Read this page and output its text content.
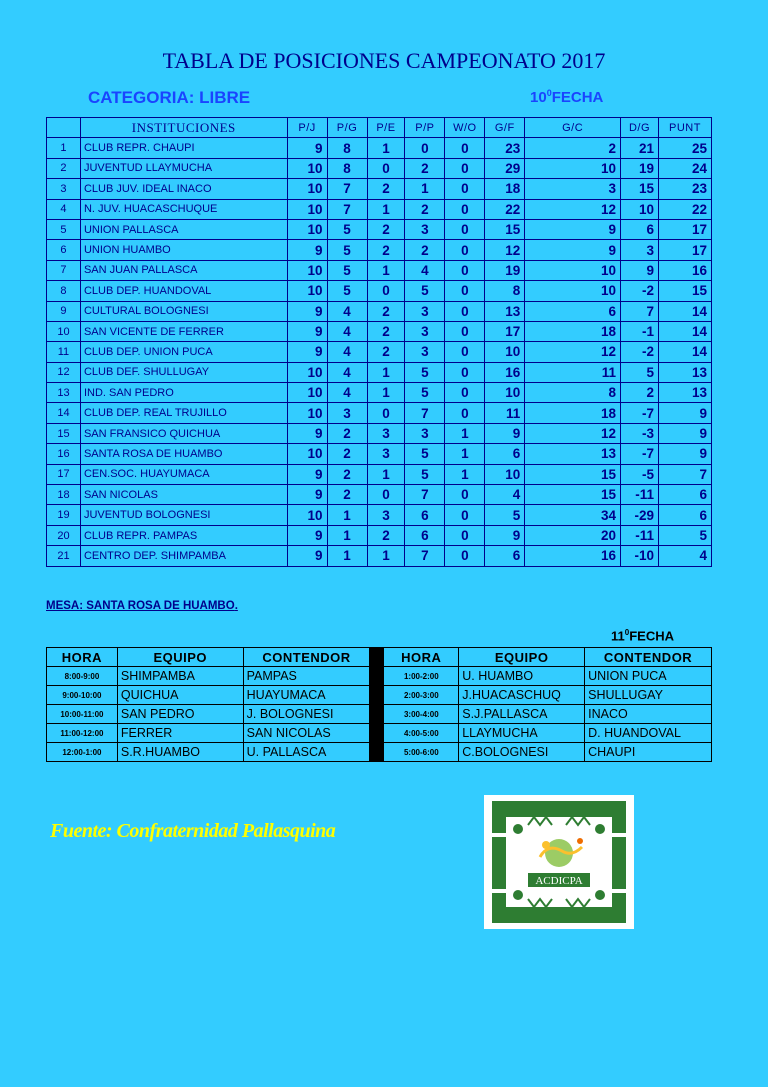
TABLA DE POSICIONES CAMPEONATO 2017
CATEGORIA: LIBRE	$10^0FECHA$
	INSTITUCIONES	P/J	P/G	P/E	P/P	W/O	G/F	G/C	D/G	PUNT
1	CLUB REPR. CHAUPI	9	8	1	0	0	23	2	21	25
2	JUVENTUD LLAYMUCHA	10	8	0	2	0	29	10	19	24
3	CLUB JUV. IDEAL INACO	10	7	2	1	0	18	3	15	23
4	N. JUV. HUACASCHUQUE	10	7	1	2	0	22	12	10	22
5	UNION PALLASCA	10	5	2	3	0	15	9	6	17
6	UNION HUAMBO	9	5	2	2	0	12	9	3	17
7	SAN JUAN PALLASCA	10	5	1	4	0	19	10	9	16
8	CLUB DEP. HUANDOVAL	10	5	0	5	0	8	10	-2	15
9	CULTURAL BOLOGNESI	9	4	2	3	0	13	6	7	14
10	SAN VICENTE DE FERRER	9	4	2	3	0	17	18	-1	14
11	CLUB DEP. UNION PUCA	9	4	2	3	0	10	12	-2	14
12	CLUB DEF. SHULLUGAY	10	4	1	5	0	16	11	5	13
13	IND. SAN PEDRO	10	4	1	5	0	10	8	2	13
14	CLUB DEP. REAL TRUJILLO	10	3	0	7	0	11	18	-7	9
15	SAN FRANSICO QUICHUA	9	2	3	3	1	9	12	-3	9
16	SANTA ROSA DE HUAMBO	10	2	3	5	1	6	13	-7	9
17	CEN.SOC. HUAYUMACA	9	2	1	5	1	10	15	-5	7
18	SAN NICOLAS	9	2	0	7	0	4	15	-11	6
19	JUVENTUD BOLOGNESI	10	1	3	6	0	5	34	-29	6
20	CLUB REPR. PAMPAS	9	1	2	6	0	9	20	-11	5
21	CENTRO DEP. SHIMPAMBA	9	1	1	7	0	6	16	-10	4
MESA: SANTA ROSA DE HUAMBO.
$11^0FECHA$
HORA	EQUIPO	CONTENDOR		HORA	EQUIPO	CONTENDOR
8:00-9:00	SHIMPAMBA	PAMPAS		1:00-2:00	U. HUAMBO	UNION PUCA
9:00-10:00	QUICHUA	HUAYUMACA		2:00-3:00	J.HUACASCHUQ	SHULLUGAY
10:00-11:00	SAN PEDRO	J. BOLOGNESI		3:00-4:00	S.J.PALLASCA	INACO
11:00-12:00	FERRER	SAN NICOLAS		4:00-5:00	LLAYMUCHA	D. HUANDOVAL
12:00-1:00	S.R.HUAMBO	U. PALLASCA		5:00-6:00	C.BOLOGNESI	CHAUPI
Fuente: Confraternidad Pallasquina
ACDICPA
